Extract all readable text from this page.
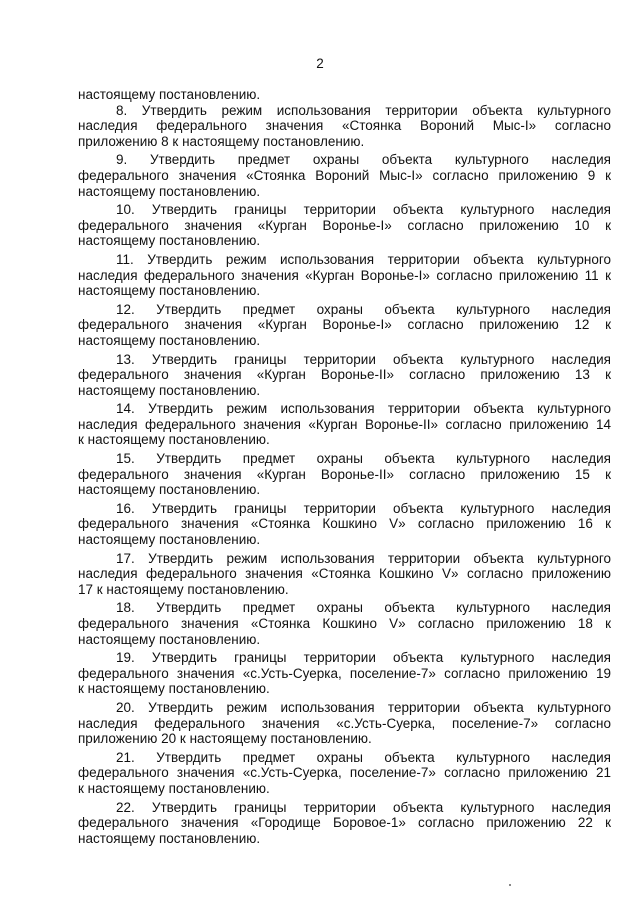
2
настоящему постановлению.
8. Утвердить режим использования территории объекта культурного
наследия федерального значения «Стоянка Вороний Мыс-I» согласно
приложению 8 к настоящему постановлению.
9. Утвердить предмет охраны объекта культурного наследия
федерального значения «Стоянка Вороний Мыс-I» согласно приложению 9 к
настоящему постановлению.
10. Утвердить границы территории объекта культурного наследия
федерального значения «Курган Воронье-I» согласно приложению 10 к
настоящему постановлению.
11. Утвердить режим использования территории объекта культурного
наследия федерального значения «Курган Воронье-I» согласно приложению 11 к
настоящему постановлению.
12. Утвердить предмет охраны объекта культурного наследия
федерального значения «Курган Воронье-I» согласно приложению 12 к
настоящему постановлению.
13. Утвердить границы территории объекта культурного наследия
федерального значения «Курган Воронье-II» согласно приложению 13 к
настоящему постановлению.
14. Утвердить режим использования территории объекта культурного
наследия федерального значения «Курган Воронье-II» согласно приложению 14
к настоящему постановлению.
15. Утвердить предмет охраны объекта культурного наследия
федерального значения «Курган Воронье-II» согласно приложению 15 к
настоящему постановлению.
16. Утвердить границы территории объекта культурного наследия
федерального значения «Стоянка Кошкино V» согласно приложению 16 к
настоящему постановлению.
17. Утвердить режим использования территории объекта культурного
наследия федерального значения «Стоянка Кошкино V» согласно приложению
17 к настоящему постановлению.
18. Утвердить предмет охраны объекта культурного наследия
федерального значения «Стоянка Кошкино V» согласно приложению 18 к
настоящему постановлению.
19. Утвердить границы территории объекта культурного наследия
федерального значения «с.Усть-Суерка, поселение-7» согласно приложению 19
к настоящему постановлению.
20. Утвердить режим использования территории объекта культурного
наследия федерального значения «с.Усть-Суерка, поселение-7» согласно
приложению 20 к настоящему постановлению.
21. Утвердить предмет охраны объекта культурного наследия
федерального значения «с.Усть-Суерка, поселение-7» согласно приложению 21
к настоящему постановлению.
22. Утвердить границы территории объекта культурного наследия
федерального значения «Городище Боровое-1» согласно приложению 22 к
настоящему постановлению.
